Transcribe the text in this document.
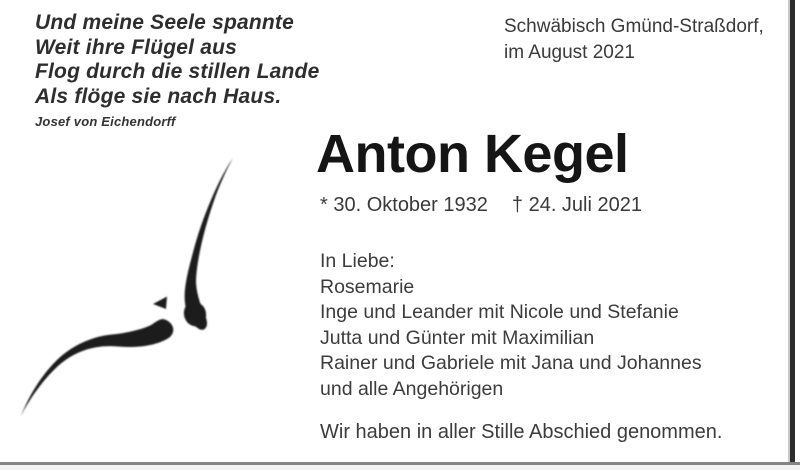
Und meine Seele spannte
Weit ihre Flügel aus
Flog durch die stillen Lande
Als flöge sie nach Haus.
Josef von Eichendorff
Schwäbisch Gmünd-Straßdorf,
im August 2021
Anton Kegel
* 30. Oktober 1932 † 24. Juli 2021
In Liebe:
Rosemarie
Inge und Leander mit Nicole und Stefanie
Jutta und Günter mit Maximilian
Rainer und Gabriele mit Jana und Johannes
und alle Angehörigen
Wir haben in aller Stille Abschied genommen.
